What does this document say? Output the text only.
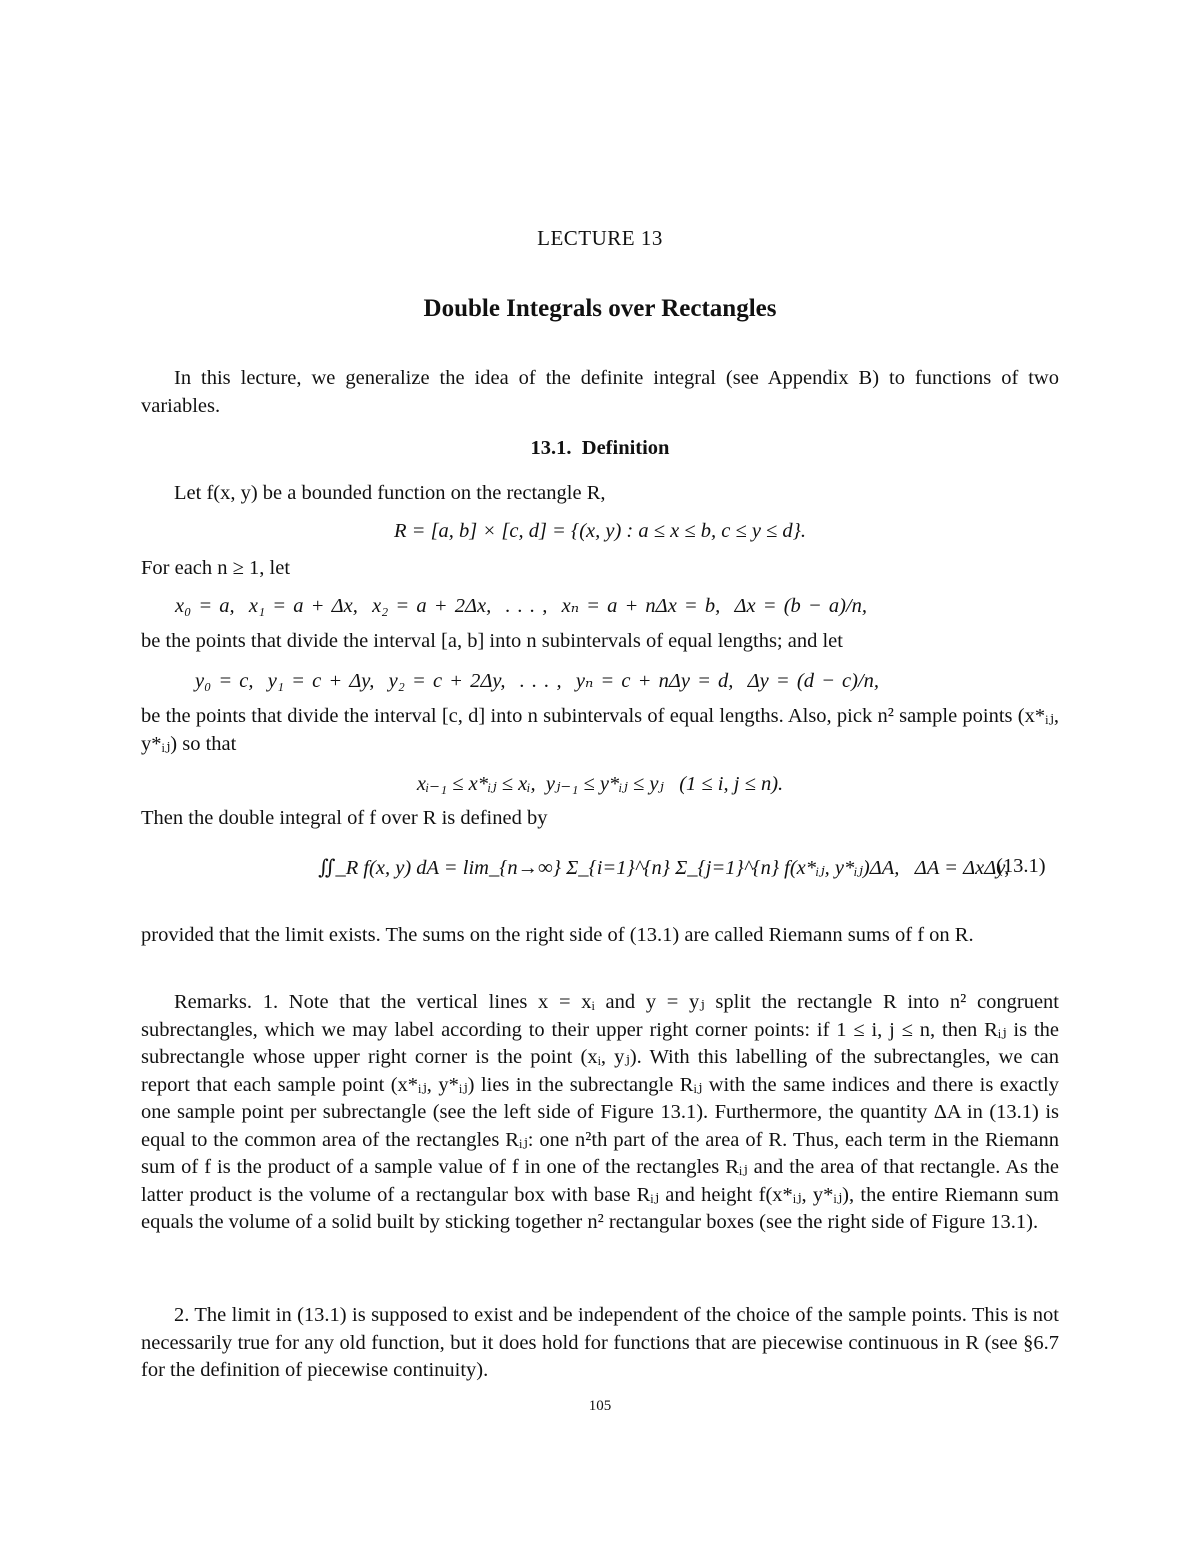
LECTURE 13
Double Integrals over Rectangles
In this lecture, we generalize the idea of the definite integral (see Appendix B) to functions of two variables.
13.1. Definition
Let f(x, y) be a bounded function on the rectangle R,
R = [a, b] × [c, d] = {(x, y) : a ≤ x ≤ b, c ≤ y ≤ d}.
For each n ≥ 1, let
x₀ = a,  x₁ = a + Δx,  x₂ = a + 2Δx,  . . . ,  xₙ = a + nΔx = b,  Δx = (b − a)/n,
be the points that divide the interval [a, b] into n subintervals of equal lengths; and let
y₀ = c,  y₁ = c + Δy,  y₂ = c + 2Δy,  . . . ,  yₙ = c + nΔy = d,  Δy = (d − c)/n,
be the points that divide the interval [c, d] into n subintervals of equal lengths. Also, pick n² sample points (x*ᵢⱼ, y*ᵢⱼ) so that
xᵢ₋₁ ≤ x*ᵢⱼ ≤ xᵢ,  yⱼ₋₁ ≤ y*ᵢⱼ ≤ yⱼ   (1 ≤ i, j ≤ n).
Then the double integral of f over R is defined by
∬_R f(x, y) dA = lim_{n→∞} Σ_{i=1}^{n} Σ_{j=1}^{n} f(x*ᵢⱼ, y*ᵢⱼ)ΔA,   ΔA = ΔxΔy,
(13.1)
provided that the limit exists. The sums on the right side of (13.1) are called Riemann sums of f on R.
Remarks. 1. Note that the vertical lines x = xᵢ and y = yⱼ split the rectangle R into n² congruent subrectangles, which we may label according to their upper right corner points: if 1 ≤ i, j ≤ n, then Rᵢⱼ is the subrectangle whose upper right corner is the point (xᵢ, yⱼ). With this labelling of the subrectangles, we can report that each sample point (x*ᵢⱼ, y*ᵢⱼ) lies in the subrectangle Rᵢⱼ with the same indices and there is exactly one sample point per subrectangle (see the left side of Figure 13.1). Furthermore, the quantity ΔA in (13.1) is equal to the common area of the rectangles Rᵢⱼ: one n²th part of the area of R. Thus, each term in the Riemann sum of f is the product of a sample value of f in one of the rectangles Rᵢⱼ and the area of that rectangle. As the latter product is the volume of a rectangular box with base Rᵢⱼ and height f(x*ᵢⱼ, y*ᵢⱼ), the entire Riemann sum equals the volume of a solid built by sticking together n² rectangular boxes (see the right side of Figure 13.1).
2. The limit in (13.1) is supposed to exist and be independent of the choice of the sample points. This is not necessarily true for any old function, but it does hold for functions that are piecewise continuous in R (see §6.7 for the definition of piecewise continuity).
105
